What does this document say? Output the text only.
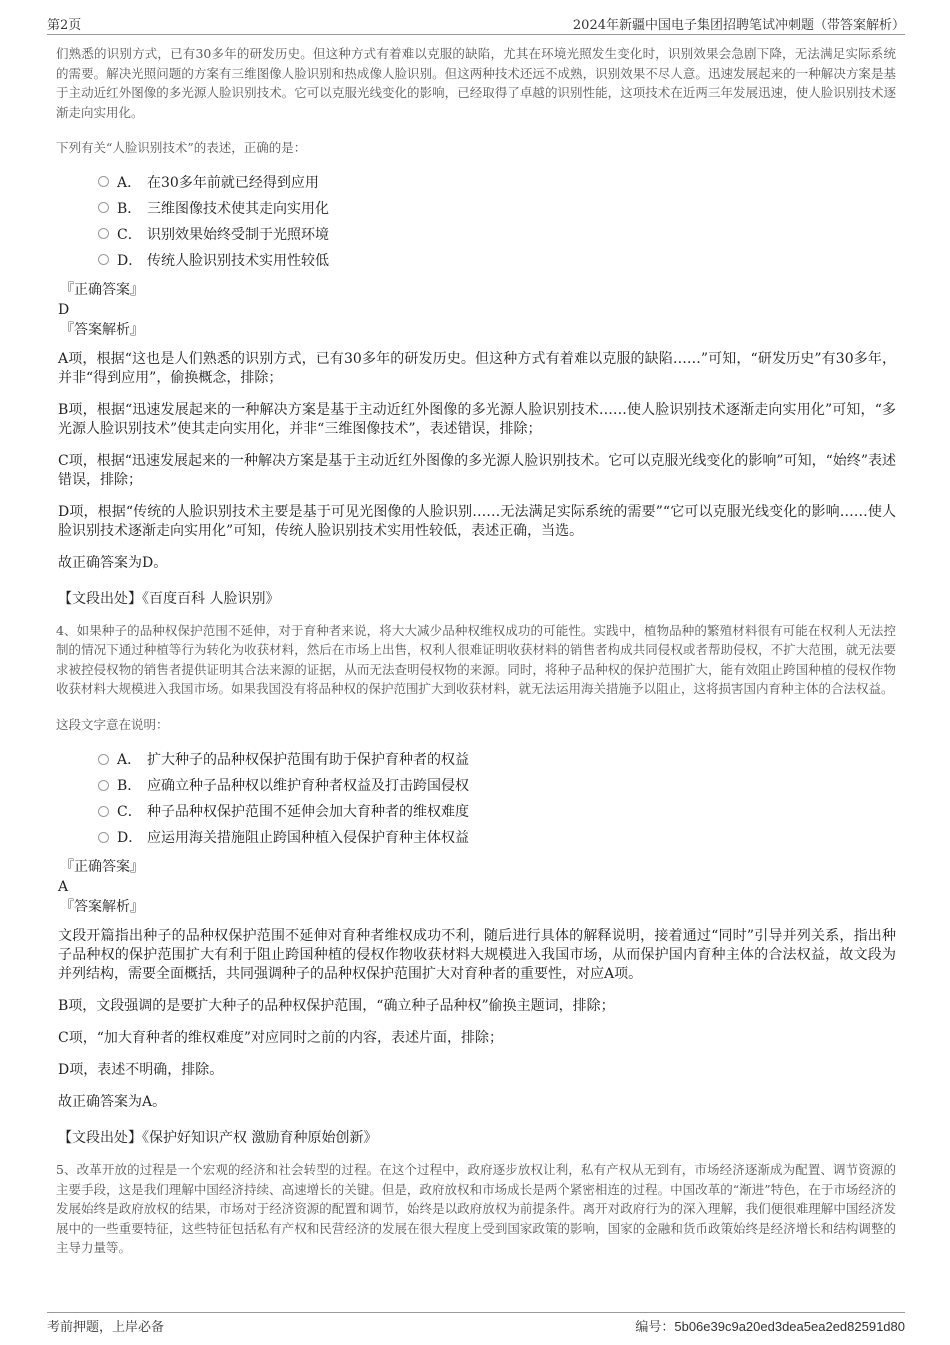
第2页	2024年新疆中国电子集团招聘笔试冲刺题（带答案解析）

们熟悉的识别方式，已有30多年的研发历史。但这种方式有着难以克服的缺陷，尤其在环境光照发生变化时，识别效果会急剧下降，无法满足实际系统的需要。解决光照问题的方案有三维图像人脸识别和热成像人脸识别。但这两种技术还远不成熟，识别效果不尽人意。迅速发展起来的一种解决方案是基于主动近红外图像的多光源人脸识别技术。它可以克服光线变化的影响，已经取得了卓越的识别性能，这项技术在近两三年发展迅速，使人脸识别技术逐渐走向实用化。

下列有关“人脸识别技术”的表述，正确的是：

A． 在30多年前就已经得到应用
B． 三维图像技术使其走向实用化
C． 识别效果始终受制于光照环境
D． 传统人脸识别技术实用性较低
『正确答案』
D
『答案解析』

A项，根据“这也是人们熟悉的识别方式，已有30多年的研发历史。但这种方式有着难以克服的缺陷……”可知，“研发历史”有30多年，并非“得到应用”，偷换概念，排除；

B项，根据“迅速发展起来的一种解决方案是基于主动近红外图像的多光源人脸识别技术……使人脸识别技术逐渐走向实用化”可知，“多光源人脸识别技术”使其走向实用化，并非“三维图像技术”，表述错误，排除；

C项，根据“迅速发展起来的一种解决方案是基于主动近红外图像的多光源人脸识别技术。它可以克服光线变化的影响”可知，“始终”表述错误，排除；

D项，根据“传统的人脸识别技术主要是基于可见光图像的人脸识别……无法满足实际系统的需要”“它可以克服光线变化的影响……使人脸识别技术逐渐走向实用化”可知，传统人脸识别技术实用性较低，表述正确，当选。

故正确答案为D。

【文段出处】《百度百科 人脸识别》

4、如果种子的品种权保护范围不延伸，对于育种者来说，将大大减少品种权维权成功的可能性。实践中，植物品种的繁殖材料很有可能在权利人无法控制的情况下通过种植等行为转化为收获材料，然后在市场上出售，权利人很难证明收获材料的销售者构成共同侵权或者帮助侵权，不扩大范围，就无法要求被控侵权物的销售者提供证明其合法来源的证据，从而无法查明侵权物的来源。同时，将种子品种权的保护范围扩大，能有效阻止跨国种植的侵权作物收获材料大规模进入我国市场。如果我国没有将品种权的保护范围扩大到收获材料，就无法运用海关措施予以阻止，这将损害国内育种主体的合法权益。

这段文字意在说明：

A． 扩大种子的品种权保护范围有助于保护育种者的权益
B． 应确立种子品种权以维护育种者权益及打击跨国侵权
C． 种子品种权保护范围不延伸会加大育种者的维权难度
D． 应运用海关措施阻止跨国种植入侵保护育种主体权益
『正确答案』
A
『答案解析』

文段开篇指出种子的品种权保护范围不延伸对育种者维权成功不利，随后进行具体的解释说明，接着通过“同时”引导并列关系，指出种子品种权的保护范围扩大有利于阻止跨国种植的侵权作物收获材料大规模进入我国市场，从而保护国内育种主体的合法权益，故文段为并列结构，需要全面概括，共同强调种子的品种权保护范围扩大对育种者的重要性，对应A项。

B项，文段强调的是要扩大种子的品种权保护范围，“确立种子品种权”偷换主题词，排除；

C项，“加大育种者的维权难度”对应同时之前的内容，表述片面，排除；

D项，表述不明确，排除。

故正确答案为A。

【文段出处】《保护好知识产权 激励育种原始创新》

5、改革开放的过程是一个宏观的经济和社会转型的过程。在这个过程中，政府逐步放权让利，私有产权从无到有，市场经济逐渐成为配置、调节资源的主要手段，这是我们理解中国经济持续、高速增长的关键。但是，政府放权和市场成长是两个紧密相连的过程。中国改革的“渐进”特色，在于市场经济的发展始终是政府放权的结果，市场对于经济资源的配置和调节，始终是以政府放权为前提条件。离开对政府行为的深入理解，我们便很难理解中国经济发展中的一些重要特征，这些特征包括私有产权和民营经济的发展在很大程度上受到国家政策的影响，国家的金融和货币政策始终是经济增长和结构调整的主导力量等。

考前押题，上岸必备	编号：5b06e39c9a20ed3dea5ea2ed82591d80
